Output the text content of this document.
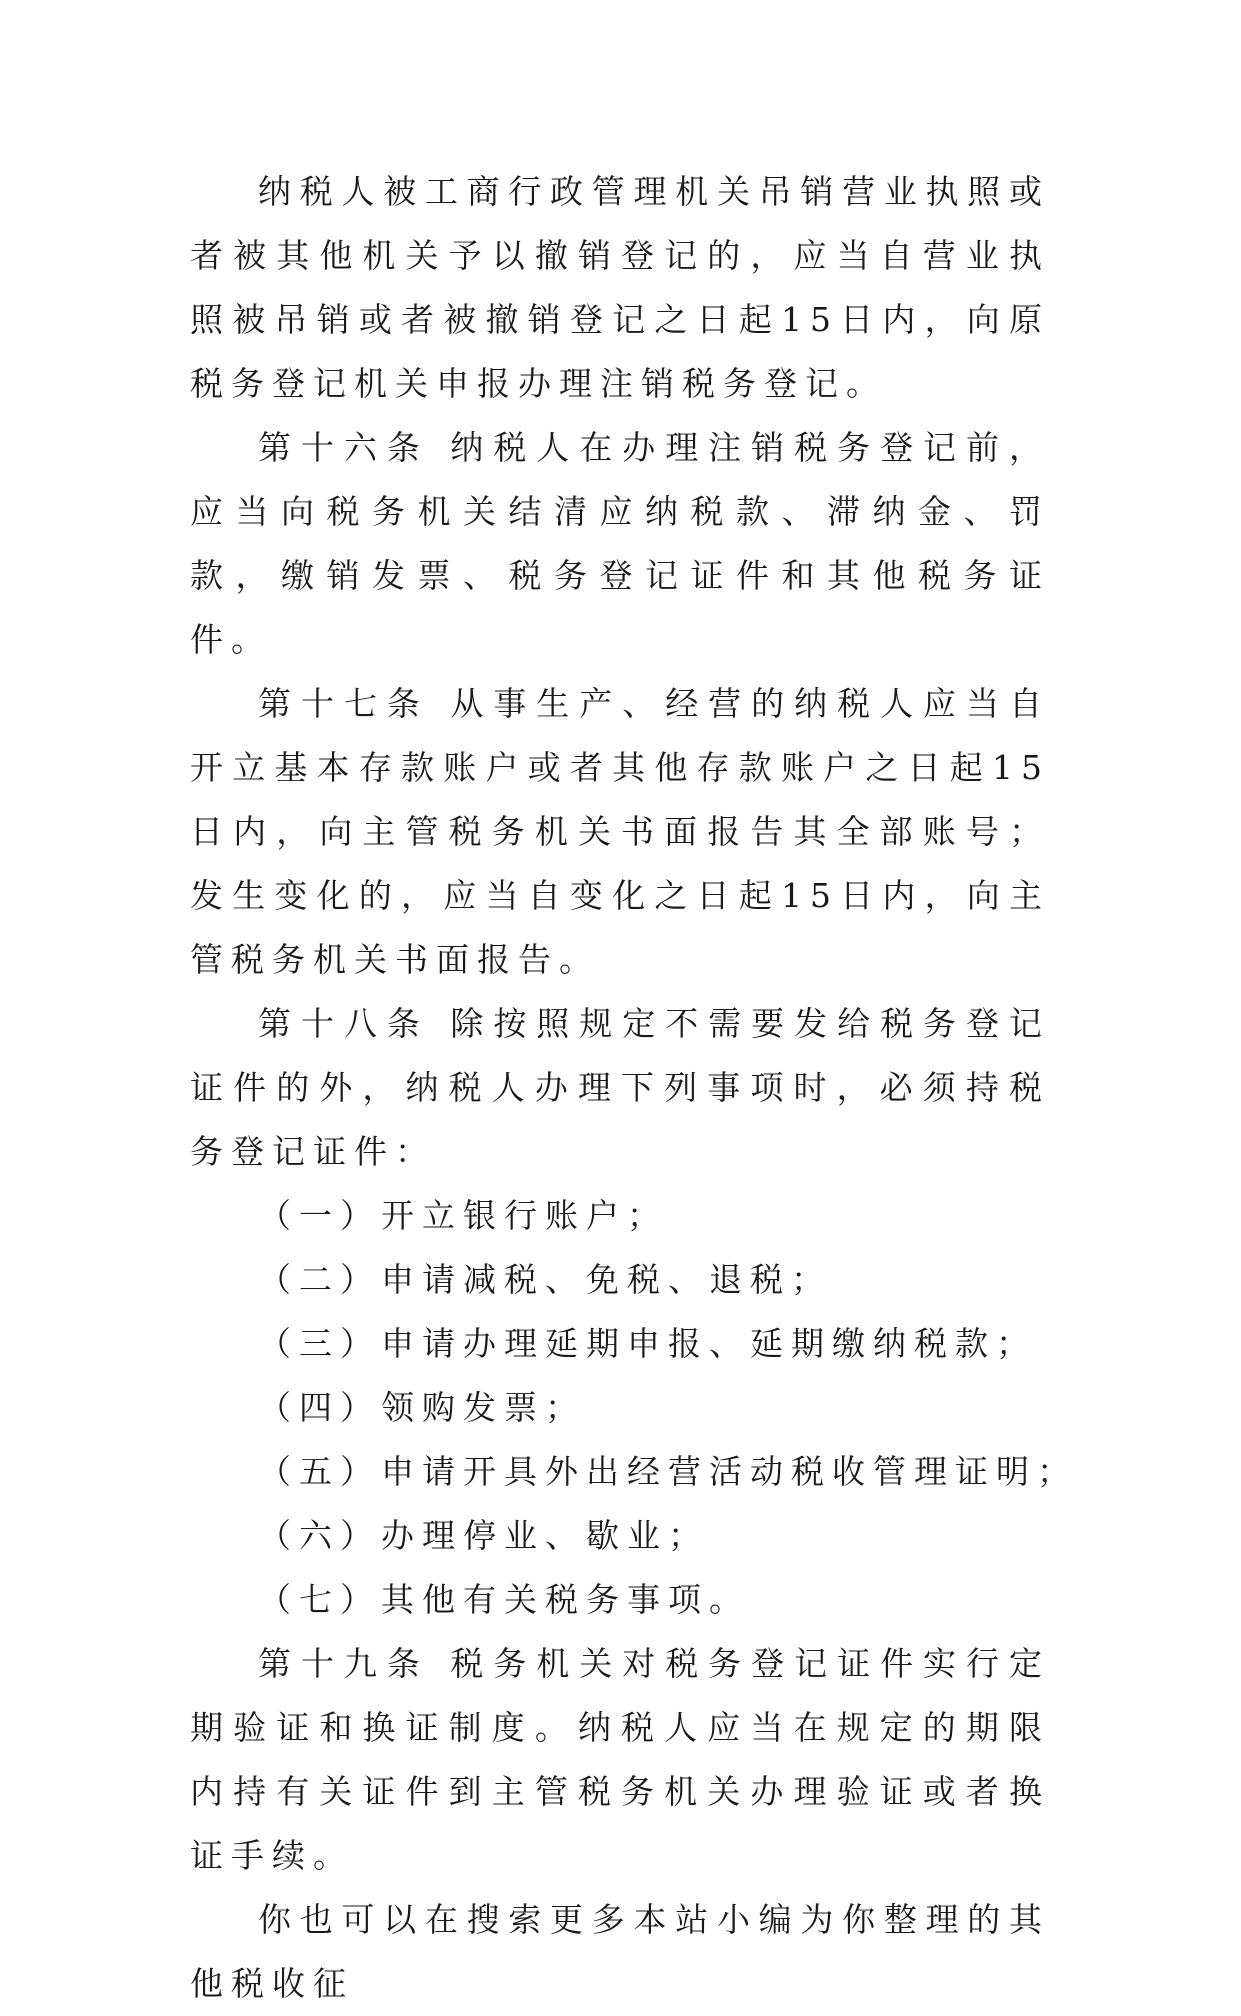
纳税人被工商行政管理机关吊销营业执照或者被其他机关予以撤销登记的，应当自营业执照被吊销或者被撤销登记之日起15日内，向原税务登记机关申报办理注销税务登记。

第十六条 纳税人在办理注销税务登记前，应当向税务机关结清应纳税款、滞纳金、罚款，缴销发票、税务登记证件和其他税务证件。

第十七条 从事生产、经营的纳税人应当自开立基本存款账户或者其他存款账户之日起15日内，向主管税务机关书面报告其全部账号；发生变化的，应当自变化之日起15日内，向主管税务机关书面报告。

第十八条 除按照规定不需要发给税务登记证件的外，纳税人办理下列事项时，必须持税务登记证件：

（一）开立银行账户；

（二）申请减税、免税、退税；

（三）申请办理延期申报、延期缴纳税款；

（四）领购发票；

（五）申请开具外出经营活动税收管理证明；

（六）办理停业、歇业；

（七）其他有关税务事项。

第十九条 税务机关对税务登记证件实行定期验证和换证制度。纳税人应当在规定的期限内持有关证件到主管税务机关办理验证或者换证手续。

你也可以在搜索更多本站小编为你整理的其他税收征
